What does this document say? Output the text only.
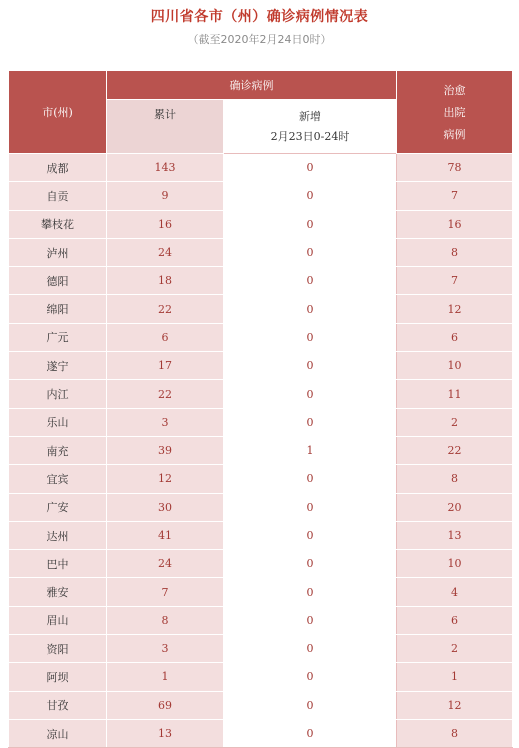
四川省各市（州）确诊病例情况表
（截至2020年2月24日0时）
市(州)	确诊病例		治愈
出院
病例

	累计	新增
2月23日0-24时	

成都	143	0	78
自贡	9	0	7
攀枝花	16	0	16
泸州	24	0	8
德阳	18	0	7
绵阳	22	0	12
广元	6	0	6
遂宁	17	0	10
内江	22	0	11
乐山	3	0	2
南充	39	1	22
宜宾	12	0	8
广安	30	0	20
达州	41	0	13
巴中	24	0	10
雅安	7	0	4
眉山	8	0	6
资阳	3	0	2
阿坝	1	0	1
甘孜	69	0	12
凉山	13	0	8
